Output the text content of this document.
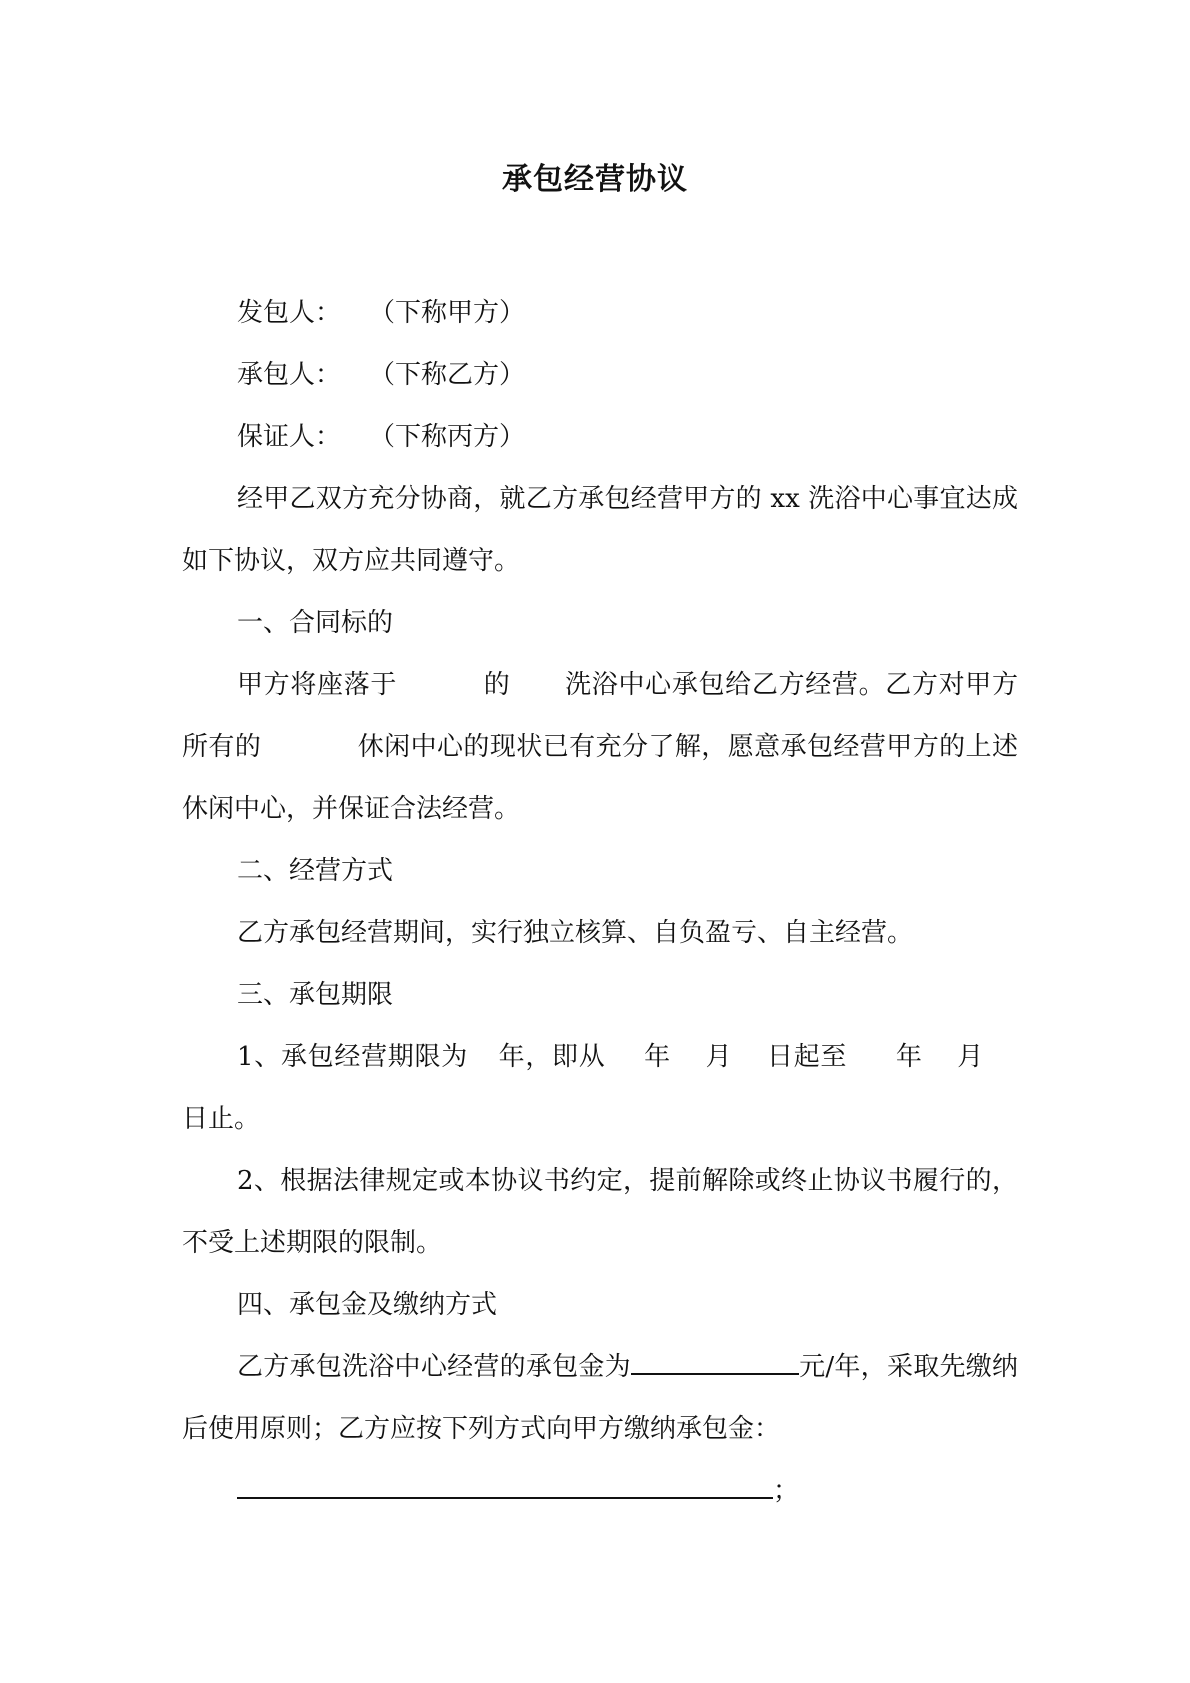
承包经营协议

发包人： （下称甲方）

承包人： （下称乙方）

保证人： （下称丙方）

经甲乙双方充分协商，就乙方承包经营甲方的 xx 洗浴中心事宜达成如下协议，双方应共同遵守。

一、合同标的

甲方将座落于	的 洗浴中心承包给乙方经营。乙方对甲方所有的	休闲中心的现状已有充分了解，愿意承包经营甲方的上述休闲中心，并保证合法经营。

二、经营方式

乙方承包经营期间，实行独立核算、自负盈亏、自主经营。

三、承包期限

1、承包经营期限为 年，即从 年 月 日起至 年 月日止。

2、根据法律规定或本协议书约定，提前解除或终止协议书履行的，不受上述期限的限制。

四、承包金及缴纳方式

乙方承包洗浴中心经营的承包金为	元/年，采取先缴纳后使用原则；乙方应按下列方式向甲方缴纳承包金：

；
